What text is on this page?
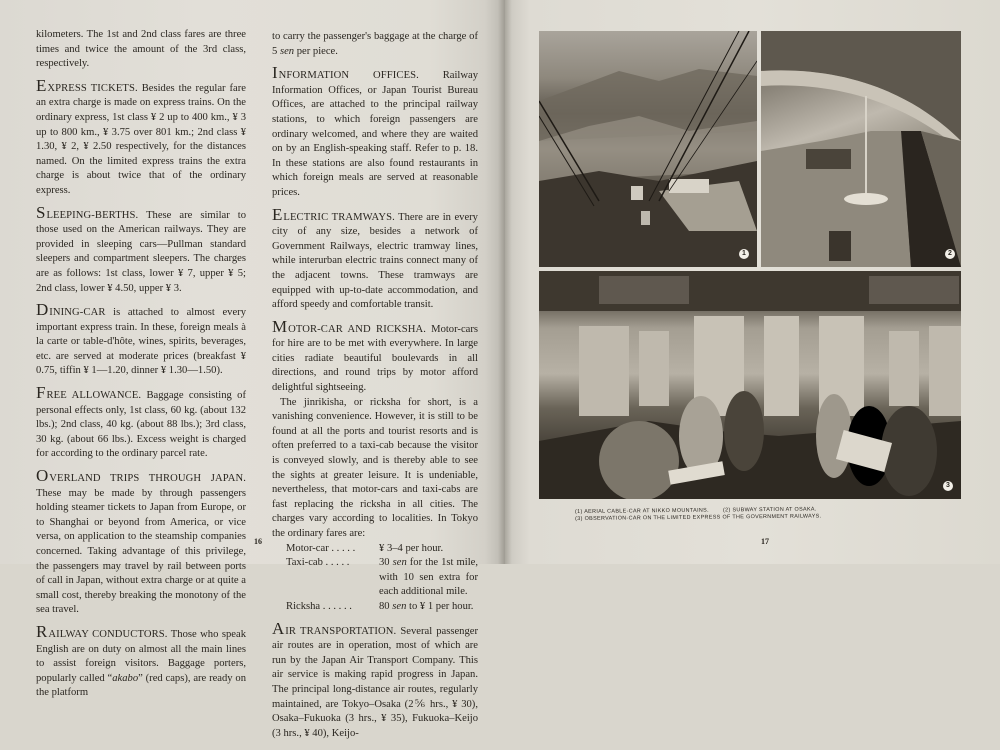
kilometers. The 1st and 2nd class fares are three times and twice the amount of the 3rd class, respectively.

EXPRESS TICKETS. Besides the regular fare an extra charge is made on express trains. On the ordinary express, 1st class ¥ 2 up to 400 km., ¥ 3 up to 800 km., ¥ 3.75 over 801 km.; 2nd class ¥ 1.30, ¥ 2, ¥ 2.50 respectively, for the distances named. On the limited express trains the extra charge is about twice that of the ordinary express.

SLEEPING-BERTHS. These are similar to those used on the American railways. They are provided in sleeping cars—Pullman standard sleepers and compartment sleepers. The charges are as follows: 1st class, lower ¥ 7, upper ¥ 5; 2nd class, lower ¥ 4.50, upper ¥ 3.

DINING-CAR is attached to almost every important express train. In these, foreign meals à la carte or table-d'hôte, wines, spirits, beverages, etc. are served at moderate prices (breakfast ¥ 0.75, tiffin ¥ 1—1.20, dinner ¥ 1.30—1.50).

FREE ALLOWANCE. Baggage consisting of personal effects only, 1st class, 60 kg. (about 132 lbs.); 2nd class, 40 kg. (about 88 lbs.); 3rd class, 30 kg. (about 66 lbs.). Excess weight is charged for according to the ordinary parcel rate.

OVERLAND TRIPS THROUGH JAPAN. These may be made by through passengers holding steamer tickets to Japan from Europe, or to Shanghai or beyond from America, or vice versa, on application to the steamship companies concerned. Taking advantage of this privilege, the passengers may travel by rail between ports of call in Japan, without extra charge or at quite a small cost, thereby breaking the monotony of the sea travel.

RAILWAY CONDUCTORS. Those who speak English are on duty on almost all the main lines to assist foreign visitors. Baggage porters, popularly called “akabo” (red caps), are ready on the platform

to carry the passenger's baggage at the charge of 5 sen per piece.

INFORMATION OFFICES. Railway Information Offices, or Japan Tourist Bureau Offices, are attached to the principal railway stations, to which foreign passengers are ordinary welcomed, and where they are waited on by an English-speaking staff. Refer to p. 18. In these stations are also found restaurants in which foreign meals are served at reasonable prices.

ELECTRIC TRAMWAYS. There are in every city of any size, besides a network of Government Railways, electric tramway lines, while interurban electric trains connect many of the adjacent towns. These tramways are equipped with up-to-date accommodation, and afford speedy and comfortable transit.

MOTOR-CAR AND RICKSHA. Motor-cars for hire are to be met with everywhere. In large cities radiate beautiful boulevards in all directions, and round trips by motor afford delightful sightseeing.

The jinrikisha, or ricksha for short, is a vanishing convenience. However, it is still to be found at all the ports and tourist resorts and is often preferred to a taxi-cab because the visitor is conveyed slowly, and is thereby able to see the sights at greater leisure. It is undeniable, nevertheless, that motor-cars and taxi-cabs are fast replacing the ricksha in all cities. The charges vary according to localities. In Tokyo the ordinary fares are:

Motor-car . . . . .	¥ 3–4 per hour.
Taxi-cab . . . . .	30 sen for the 1st mile, with 10 sen extra for each additional mile.
Ricksha . . . . . .	80 sen to ¥ 1 per hour.

AIR TRANSPORTATION. Several passenger air routes are in operation, most of which are run by the Japan Air Transport Company. This air service is making rapid progress in Japan. The principal long-distance air routes, regularly maintained, are Tokyo–Osaka (2⅚ hrs., ¥ 30), Osaka–Fukuoka (3 hrs., ¥ 35), Fukuoka–Keijo (3 hrs., ¥ 40), Keijo-

16
1	2
3
(1) AERIAL CABLE-CAR AT NIKKO MOUNTAINS.	(2) SUBWAY STATION AT OSAKA.
(3) OBSERVATION-CAR ON THE LIMITED EXPRESS OF THE GOVERNMENT RAILWAYS.
17
